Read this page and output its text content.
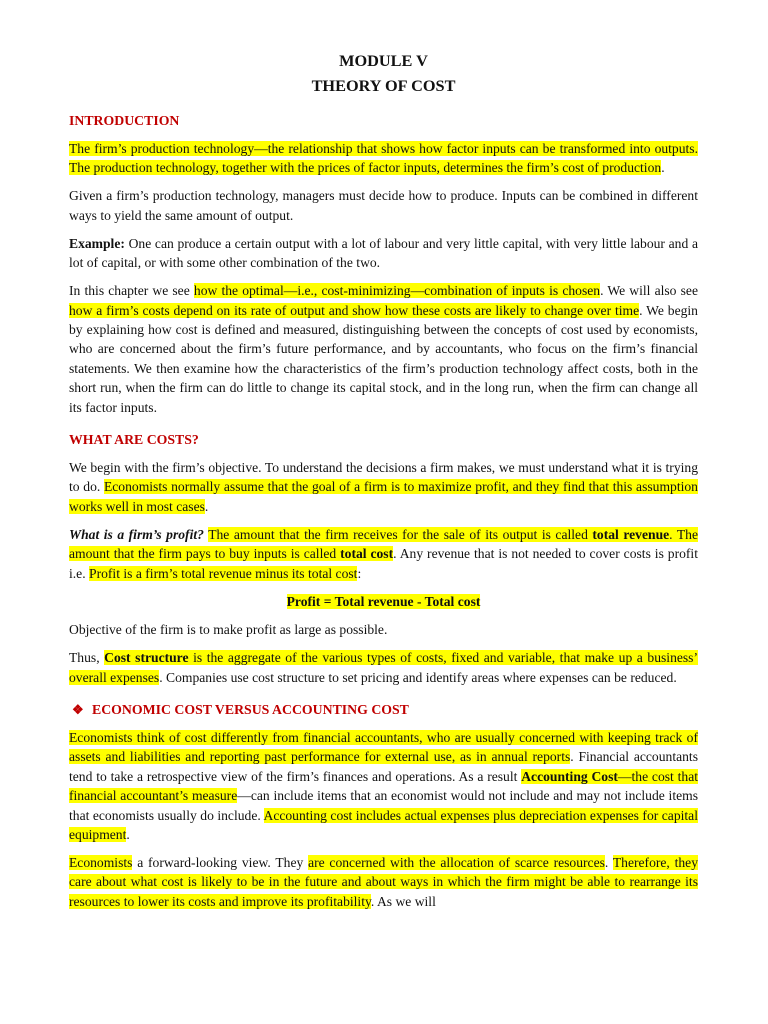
MODULE V
THEORY OF COST
INTRODUCTION

The firm’s production technology—the relationship that shows how factor inputs can be transformed into outputs. The production technology, together with the prices of factor inputs, determines the firm’s cost of production.

Given a firm’s production technology, managers must decide how to produce. Inputs can be combined in different ways to yield the same amount of output.

Example: One can produce a certain output with a lot of labour and very little capital, with very little labour and a lot of capital, or with some other combination of the two.

In this chapter we see how the optimal—i.e., cost-minimizing—combination of inputs is chosen. We will also see how a firm’s costs depend on its rate of output and show how these costs are likely to change over time. We begin by explaining how cost is defined and measured, distinguishing between the concepts of cost used by economists, who are concerned about the firm’s future performance, and by accountants, who focus on the firm’s financial statements. We then examine how the characteristics of the firm’s production technology affect costs, both in the short run, when the firm can do little to change its capital stock, and in the long run, when the firm can change all its factor inputs.

WHAT ARE COSTS?

We begin with the firm’s objective. To understand the decisions a firm makes, we must understand what it is trying to do. Economists normally assume that the goal of a firm is to maximize profit, and they find that this assumption works well in most cases.

What is a firm’s profit? The amount that the firm receives for the sale of its output is called total revenue. The amount that the firm pays to buy inputs is called total cost. Any revenue that is not needed to cover costs is profit i.e. Profit is a firm’s total revenue minus its total cost:

Profit = Total revenue - Total cost

Objective of the firm is to make profit as large as possible.

Thus, Cost structure is the aggregate of the various types of costs, fixed and variable, that make up a business’ overall expenses. Companies use cost structure to set pricing and identify areas where expenses can be reduced.

❖ ECONOMIC COST VERSUS ACCOUNTING COST

Economists think of cost differently from financial accountants, who are usually concerned with keeping track of assets and liabilities and reporting past performance for external use, as in annual reports. Financial accountants tend to take a retrospective view of the firm’s finances and operations. As a result Accounting Cost—the cost that financial accountant’s measure—can include items that an economist would not include and may not include items that economists usually do include. Accounting cost includes actual expenses plus depreciation expenses for capital equipment.

Economists a forward-looking view. They are concerned with the allocation of scarce resources. Therefore, they care about what cost is likely to be in the future and about ways in which the firm might be able to rearrange its resources to lower its costs and improve its profitability. As we will
